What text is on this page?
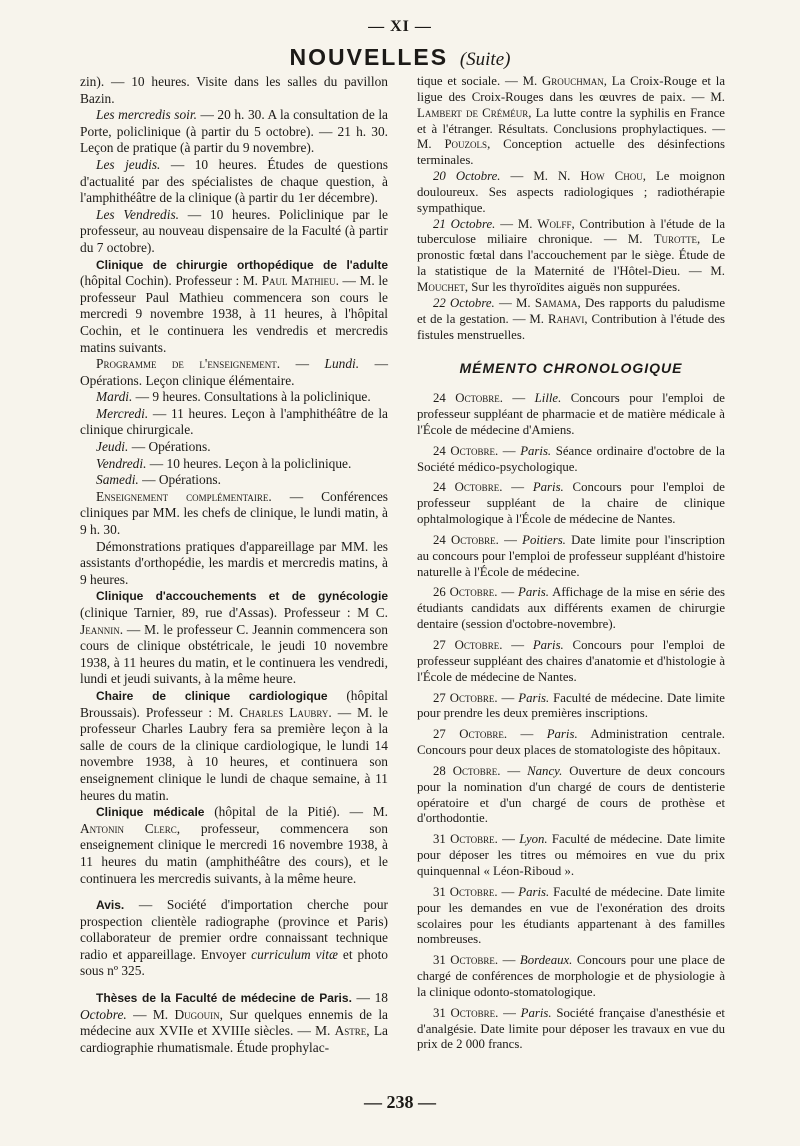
— XI —
NOUVELLES (Suite)

zin). — 10 heures. Visite dans les salles du pavillon Bazin.

Les mercredis soir. — 20 h. 30. A la consultation de la Porte, policlinique (à partir du 5 octobre). — 21 h. 30. Leçon de pratique (à partir du 9 novembre).

Les jeudis. — 10 heures. Études de questions d'actualité par des spécialistes de chaque question, à l'amphithéâtre de la clinique (à partir du 1er décembre).

Les Vendredis. — 10 heures. Policlinique par le professeur, au nouveau dispensaire de la Faculté (à partir du 7 octobre).

Clinique de chirurgie orthopédique de l'adulte (hôpital Cochin). Professeur : M. Paul Mathieu. — M. le professeur Paul Mathieu commencera son cours le mercredi 9 novembre 1938, à 11 heures, à l'hôpital Cochin, et le continuera les vendredis et mercredis matins suivants.

Programme de l'enseignement. — Lundi. — Opérations. Leçon clinique élémentaire.

Mardi. — 9 heures. Consultations à la policlinique.

Mercredi. — 11 heures. Leçon à l'amphithéâtre de la clinique chirurgicale.

Jeudi. — Opérations.

Vendredi. — 10 heures. Leçon à la policlinique.

Samedi. — Opérations.

Enseignement complémentaire. — Conférences cliniques par MM. les chefs de clinique, le lundi matin, à 9 h. 30.

Démonstrations pratiques d'appareillage par MM. les assistants d'orthopédie, les mardis et mercredis matins, à 9 heures.

Clinique d'accouchements et de gynécologie (clinique Tarnier, 89, rue d'Assas). Professeur : M C. Jeannin. — M. le professeur C. Jeannin commencera son cours de clinique obstétricale, le jeudi 10 novembre 1938, à 11 heures du matin, et le continuera les vendredi, lundi et jeudi suivants, à la même heure.

Chaire de clinique cardiologique (hôpital Broussais). Professeur : M. Charles Laubry. — M. le professeur Charles Laubry fera sa première leçon à la salle de cours de la clinique cardiologique, le lundi 14 novembre 1938, à 10 heures, et continuera son enseignement clinique le lundi de chaque semaine, à 11 heures du matin.

Clinique médicale (hôpital de la Pitié). — M. Antonin Clerc, professeur, commencera son enseignement clinique le mercredi 16 novembre 1938, à 11 heures du matin (amphithéâtre des cours), et le continuera les mercredis suivants, à la même heure.

Avis. — Société d'importation cherche pour prospection clientèle radiographe (province et Paris) collaborateur de premier ordre connaissant technique radio et appareillage. Envoyer curriculum vitæ et photo sous nº 325.

Thèses de la Faculté de médecine de Paris. — 18 Octobre. — M. Dugouin, Sur quelques ennemis de la médecine aux XVIIe et XVIIIe siècles. — M. Astre, La cardiographie rhumatismale. Étude prophylac-

tique et sociale. — M. Grouchman, La Croix-Rouge et la ligue des Croix-Rouges dans les œuvres de paix. — M. Lambert de Créméur, La lutte contre la syphilis en France et à l'étranger. Résultats. Conclusions prophylactiques. — M. Pouzols, Conception actuelle des désinfections terminales.

20 Octobre. — M. N. How Chou, Le moignon douloureux. Ses aspects radiologiques ; radiothérapie sympathique.

21 Octobre. — M. Wolff, Contribution à l'étude de la tuberculose miliaire chronique. — M. Turotte, Le pronostic fœtal dans l'accouchement par le siège. Étude de la statistique de la Maternité de l'Hôtel-Dieu. — M. Mouchet, Sur les thyroïdites aiguës non suppurées.

22 Octobre. — M. Samama, Des rapports du paludisme et de la gestation. — M. Rahavi, Contribution à l'étude des fistules menstruelles.

MÉMENTO CHRONOLOGIQUE

24 Octobre. — Lille. Concours pour l'emploi de professeur suppléant de pharmacie et de matière médicale à l'École de médecine d'Amiens.

24 Octobre. — Paris. Séance ordinaire d'octobre de la Société médico-psychologique.

24 Octobre. — Paris. Concours pour l'emploi de professeur suppléant de la chaire de clinique ophtalmologique à l'École de médecine de Nantes.

24 Octobre. — Poitiers. Date limite pour l'inscription au concours pour l'emploi de professeur suppléant d'histoire naturelle à l'École de médecine.

26 Octobre. — Paris. Affichage de la mise en série des étudiants candidats aux différents examen de chirurgie dentaire (session d'octobre-novembre).

27 Octobre. — Paris. Concours pour l'emploi de professeur suppléant des chaires d'anatomie et d'histologie à l'École de médecine de Nantes.

27 Octobre. — Paris. Faculté de médecine. Date limite pour prendre les deux premières inscriptions.

27 Octobre. — Paris. Administration centrale. Concours pour deux places de stomatologiste des hôpitaux.

28 Octobre. — Nancy. Ouverture de deux concours pour la nomination d'un chargé de cours de dentisterie opératoire et d'un chargé de cours de prothèse et d'orthodontie.

31 Octobre. — Lyon. Faculté de médecine. Date limite pour déposer les titres ou mémoires en vue du prix quinquennal « Léon-Riboud ».

31 Octobre. — Paris. Faculté de médecine. Date limite pour les demandes en vue de l'exonération des droits scolaires pour les étudiants appartenant à des familles nombreuses.

31 Octobre. — Bordeaux. Concours pour une place de chargé de conférences de morphologie et de physiologie à la clinique odonto-stomatologique.

31 Octobre. — Paris. Société française d'anesthésie et d'analgésie. Date limite pour déposer les travaux en vue du prix de 2 000 francs.

— 238 —
